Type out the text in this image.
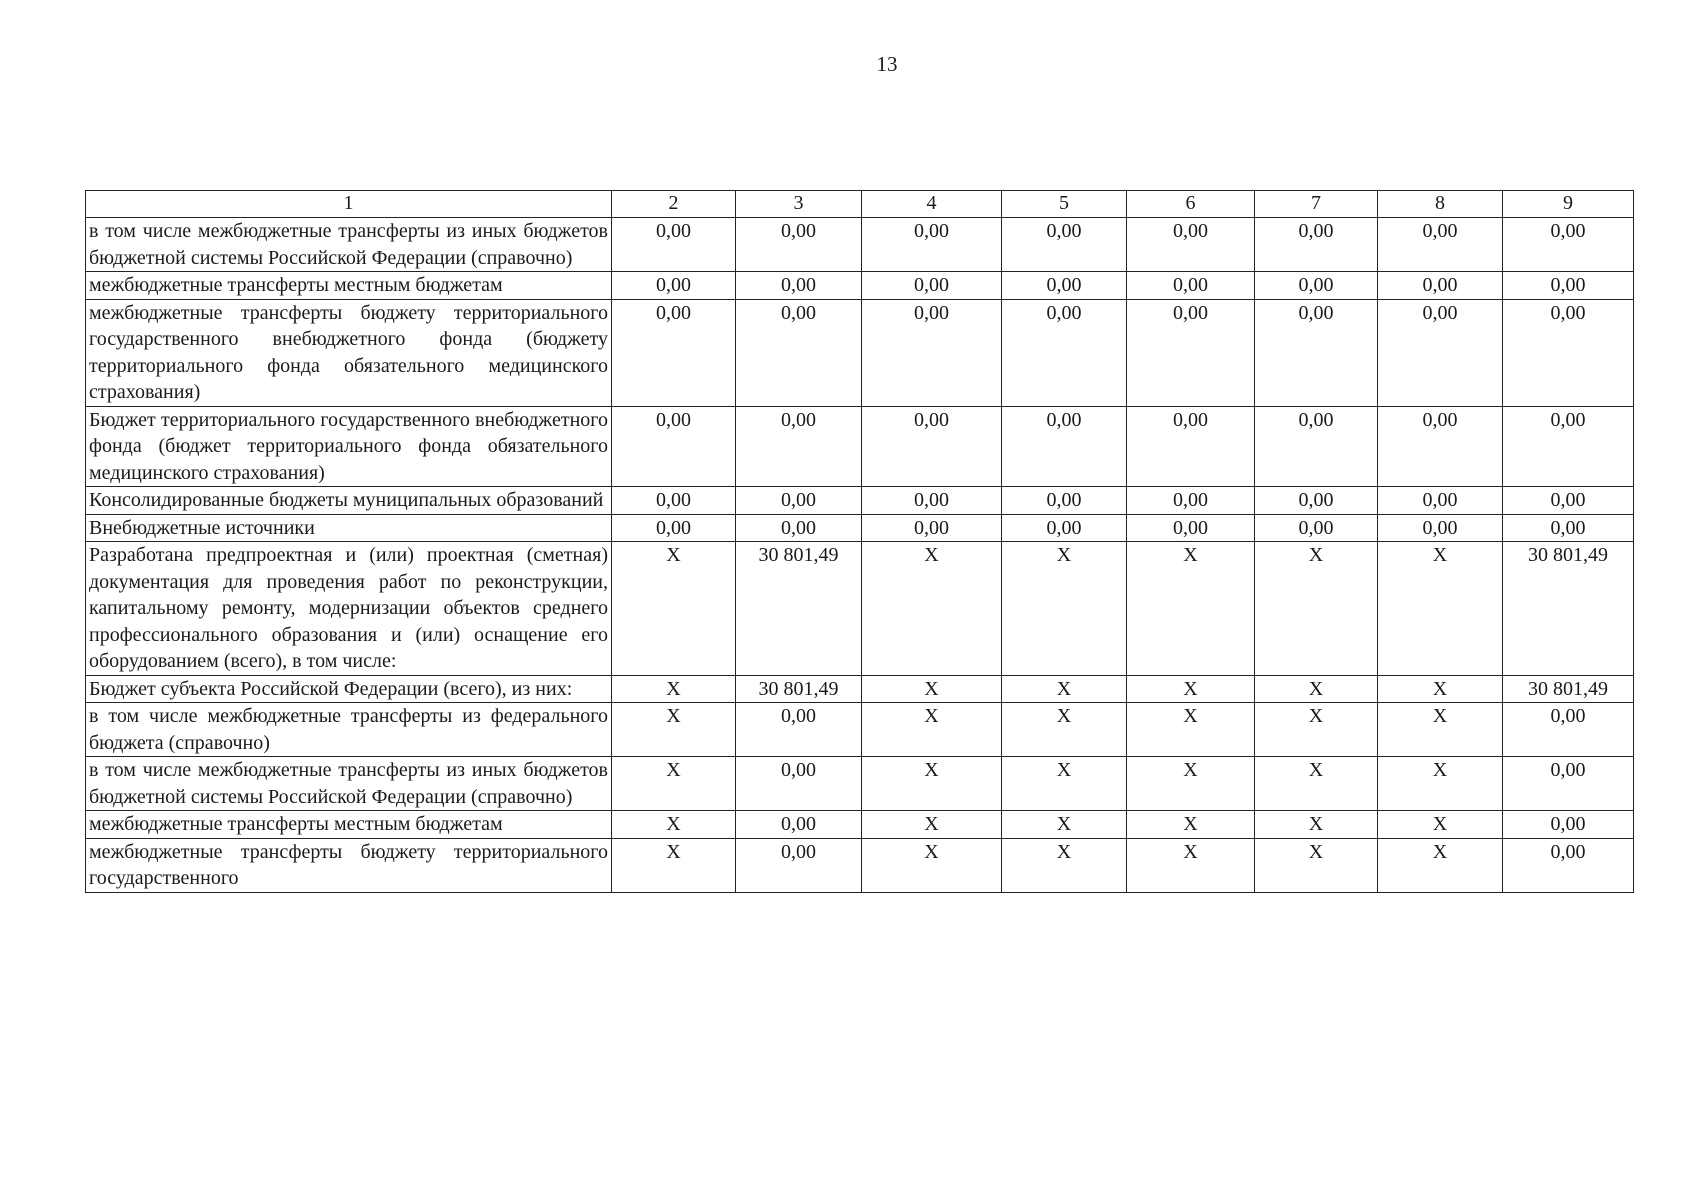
13
1	2	3	4	5	6	7	8	9
в том числе межбюджетные трансферты из иных бюджетов бюджетной системы Российской Федерации (справочно)	0,00	0,00	0,00	0,00	0,00	0,00	0,00	0,00
межбюджетные трансферты местным бюджетам	0,00	0,00	0,00	0,00	0,00	0,00	0,00	0,00
межбюджетные трансферты бюджету территориального государственного внебюджетного фонда (бюджету территориального фонда обязательного медицинского страхования)	0,00	0,00	0,00	0,00	0,00	0,00	0,00	0,00
Бюджет территориального государственного внебюджетного фонда (бюджет территориального фонда обязательного медицинского страхования)	0,00	0,00	0,00	0,00	0,00	0,00	0,00	0,00
Консолидированные бюджеты муниципальных образований	0,00	0,00	0,00	0,00	0,00	0,00	0,00	0,00
Внебюджетные источники	0,00	0,00	0,00	0,00	0,00	0,00	0,00	0,00
Разработана предпроектная и (или) проектная (сметная) документация для проведения работ по реконструкции, капитальному ремонту, модернизации объектов среднего профессионального образования и (или) оснащение его оборудованием (всего), в том числе:	X	30 801,49	X	X	X	X	X	30 801,49
Бюджет субъекта Российской Федерации (всего), из них:	X	30 801,49	X	X	X	X	X	30 801,49
в том числе межбюджетные трансферты из федерального бюджета (справочно)	X	0,00	X	X	X	X	X	0,00
в том числе межбюджетные трансферты из иных бюджетов бюджетной системы Российской Федерации (справочно)	X	0,00	X	X	X	X	X	0,00
межбюджетные трансферты местным бюджетам	X	0,00	X	X	X	X	X	0,00
межбюджетные трансферты бюджету территориального государственного	X	0,00	X	X	X	X	X	0,00
